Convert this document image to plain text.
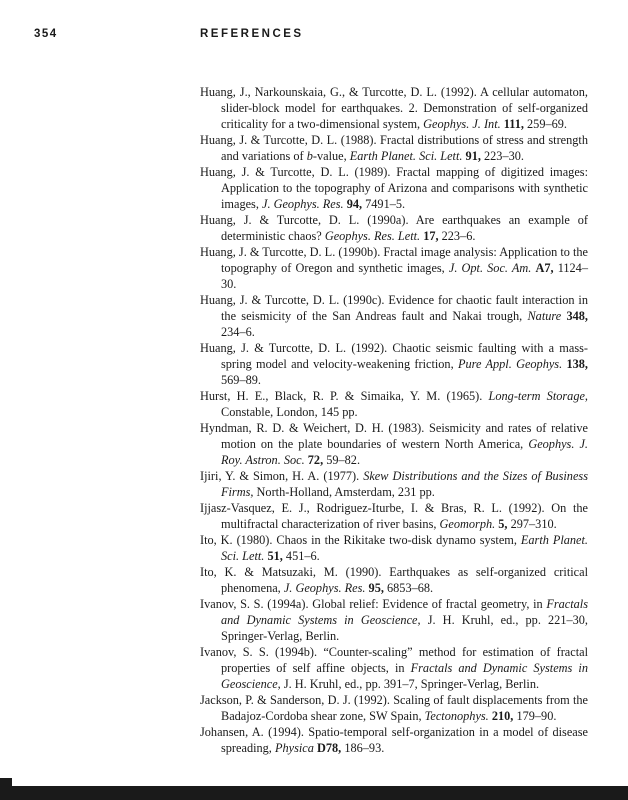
354	REFERENCES

Huang, J., Narkounskaia, G., & Turcotte, D. L. (1992). A cellular automaton, slider-block model for earthquakes. 2. Demonstration of self-organized criticality for a two-dimensional system, Geophys. J. Int. 111, 259–69.

Huang, J. & Turcotte, D. L. (1988). Fractal distributions of stress and strength and variations of b-value, Earth Planet. Sci. Lett. 91, 223–30.

Huang, J. & Turcotte, D. L. (1989). Fractal mapping of digitized images: Application to the topography of Arizona and comparisons with synthetic images, J. Geophys. Res. 94, 7491–5.

Huang, J. & Turcotte, D. L. (1990a). Are earthquakes an example of deterministic chaos? Geophys. Res. Lett. 17, 223–6.

Huang, J. & Turcotte, D. L. (1990b). Fractal image analysis: Application to the topography of Oregon and synthetic images, J. Opt. Soc. Am. A7, 1124–30.

Huang, J. & Turcotte, D. L. (1990c). Evidence for chaotic fault interaction in the seismicity of the San Andreas fault and Nakai trough, Nature 348, 234–6.

Huang, J. & Turcotte, D. L. (1992). Chaotic seismic faulting with a mass-spring model and velocity-weakening friction, Pure Appl. Geophys. 138, 569–89.

Hurst, H. E., Black, R. P. & Simaika, Y. M. (1965). Long-term Storage, Constable, London, 145 pp.

Hyndman, R. D. & Weichert, D. H. (1983). Seismicity and rates of relative motion on the plate boundaries of western North America, Geophys. J. Roy. Astron. Soc. 72, 59–82.

Ijiri, Y. & Simon, H. A. (1977). Skew Distributions and the Sizes of Business Firms, North-Holland, Amsterdam, 231 pp.

Ijjasz-Vasquez, E. J., Rodriguez-Iturbe, I. & Bras, R. L. (1992). On the multifractal characterization of river basins, Geomorph. 5, 297–310.

Ito, K. (1980). Chaos in the Rikitake two-disk dynamo system, Earth Planet. Sci. Lett. 51, 451–6.

Ito, K. & Matsuzaki, M. (1990). Earthquakes as self-organized critical phenomena, J. Geophys. Res. 95, 6853–68.

Ivanov, S. S. (1994a). Global relief: Evidence of fractal geometry, in Fractals and Dynamic Systems in Geoscience, J. H. Kruhl, ed., pp. 221–30, Springer-Verlag, Berlin.

Ivanov, S. S. (1994b). “Counter-scaling” method for estimation of fractal properties of self affine objects, in Fractals and Dynamic Systems in Geoscience, J. H. Kruhl, ed., pp. 391–7, Springer-Verlag, Berlin.

Jackson, P. & Sanderson, D. J. (1992). Scaling of fault displacements from the Badajoz-Cordoba shear zone, SW Spain, Tectonophys. 210, 179–90.

Johansen, A. (1994). Spatio-temporal self-organization in a model of disease spreading, Physica D78, 186–93.
